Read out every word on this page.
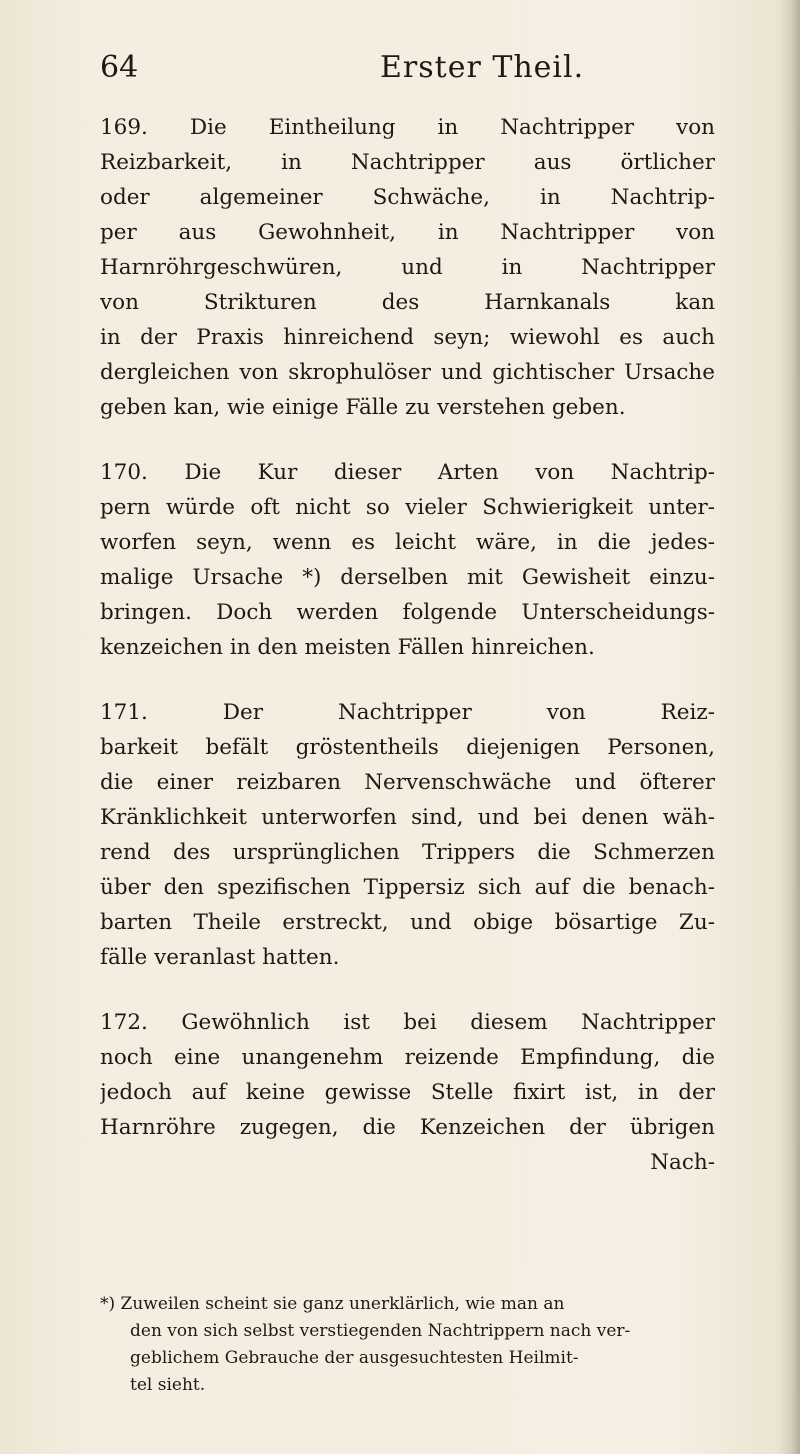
64	Erster Theil.
169. Die Eintheilung in Nachtripper von
Reizbarkeit, in Nachtripper aus örtlicher
oder algemeiner Schwäche, in Nachtrip-
per aus Gewohnheit, in Nachtripper von
Harnröhrgeschwüren, und in Nachtripper
von Strikturen des Harnkanals kan
in der Praxis hinreichend seyn; wiewohl es auch
dergleichen von skrophulöser und gichtischer Ursache
geben kan, wie einige Fälle zu verstehen geben.
170. Die Kur dieser Arten von Nachtrip-
pern würde oft nicht so vieler Schwierigkeit unter-
worfen seyn, wenn es leicht wäre, in die jedes-
malige Ursache *) derselben mit Gewisheit einzu-
bringen. Doch werden folgende Unterscheidungs-
kenzeichen in den meisten Fällen hinreichen.
171. Der Nachtripper von Reiz-
barkeit befält gröstentheils diejenigen Personen,
die einer reizbaren Nervenschwäche und öfterer
Kränklichkeit unterworfen sind, und bei denen wäh-
rend des ursprünglichen Trippers die Schmerzen
über den spezifischen Tippersiz sich auf die benach-
barten Theile erstreckt, und obige bösartige Zu-
fälle veranlast hatten.
172. Gewöhnlich ist bei diesem Nachtripper
noch eine unangenehm reizende Empfindung, die
jedoch auf keine gewisse Stelle fixirt ist, in der
Harnröhre zugegen, die Kenzeichen der übrigen
Nach-
*) Zuweilen scheint sie ganz unerklärlich, wie man an
den von sich selbst verstiegenden Nachtrippern nach ver-
geblichem Gebrauche der ausgesuchtesten Heilmit-
tel sieht.
